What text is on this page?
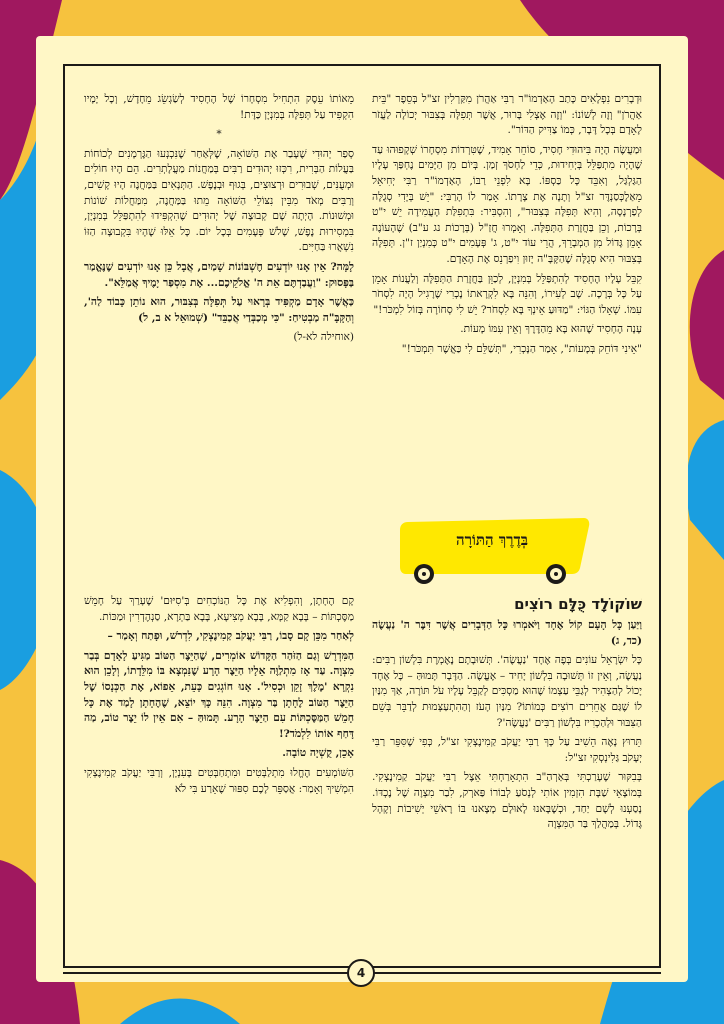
וּדְבָרִים נִפְלָאִים כָּתַב הָאַדְמוֹ"ר רַבִּי אַהֲרֹן מִקַּרְלִין זצ"ל בְּסֵפֶר "בֵּית אַהֲרֹן" וְזֶה לְשׁוֹנוֹ: "וְזֶה אֶצְלִי בָּרוּר, אֲשֶׁר תְּפִלָּה בְּצִבּוּר יְכוֹלָה לַעֲזֹר לָאָדָם בְּכָל דָּבָר, כְּמוֹ צַדִּיק הַדּוֹר".

וּמַעֲשֶׂה הָיָה בִּיהוּדִי חָסִיד, סוֹחֵר אָמִיד, שֶׁטִּרְדוֹת מִסְחָרוֹ שְׁקָפוּהוּ עַד שֶׁהָיָה מִתְפַּלֵּל בְּיְחִידוּת, כְּדֵי לַחְסֹךְ זְמַן. בְּיוֹם מִן הַיָּמִים נֶחְפַּךְ עָלָיו הַגַּלְגַּל, וְאִבֵּד כָּל כַּסְפּוֹ. בָּא לִפְנֵי רַבּוֹ, הָאַדְמוֹ"ר רַבִּי יְחִיאֵל מֵאַלֶכְּסַנְדֶּר זצ"ל וְתָנָה אֶת צָרָתוֹ. אָמַר לוֹ הָרַבִּי: "יֵשׁ בְּיָדִי סְגֻלָּה לְפַרְנָסָה, וְהִיא תְּפִלָּה בְּצִבּוּר", וְהִסְבִּיר: בִּתְפִלַּת הָעֲמִידָה יֵשׁ י"ט בְּרָכוֹת, וְכֵן בַּחֲזָרַת הַתְּפִלָּה. וְאָמְרוּ חֲזַ"ל (בְּרָכוֹת נג ע"ב) שֶׁהָעוֹנֶה אָמֵן גָּדוֹל מִן הַמְבָרֵךְ, הֲרֵי עוֹד י"ט, ג' פְּעָמִים י"ט כְּמִנְיַן ז"ן. תְּפִלָּה בְּצִבּוּר הִיא סְגֻלָּה שֶׁהַקָּבָּ"ה יָזוּן וִיפַרְנֵס אֶת הָאָדָם.

קִבֵּל עָלָיו הֶחָסִיד לְהִתְפַּלֵּל בְּמִנְיָן, לְכַוֵּן בַּחֲזָרַת הַתְּפִלָּה וְלַעֲנוֹת אָמֵן עַל כָּל בְּרָכָה. שָׁב לְעִירוֹ, וְהִנֵּה בָּא לִקְרָאתוֹ נָכְרִי שֶׁרָגִיל הָיָה לִסְחֹר עִמּוֹ. שְׁאָלוֹ הַגּוֹי: "מַדּוּעַ אֵינְךָ בָּא לִסְחֹר? יֵשׁ לִי סְחוֹרָה בְּזוֹל לִמְכֹּר!"

עָנָה הֶחָסִיד שֶׁהוּא בָּא מֵהַדֶּרֶךְ וְאֵין עִמּוֹ מָעוֹת.

"אֵינִי דּוֹחֵק בְּמָעוֹת", אָמַר הַנָּכְרִי, "תְּשַׁלֵּם לִי כַּאֲשֶׁר תִּמְכֹּר!"

מֵאוֹתוֹ עֵסֶק הִתְחִיל מִסְחָרוֹ שֶׁל הֶחָסִיד לְשַׂגְשֵׂג מֵחָדָשׁ, וְכָל יָמָיו הִקְפִּיד עַל תְּפִלָּה בְּמִנְיָן כַּדָּת!

*

סְפַר יְהוּדִי שֶׁעָבַר אֶת הַשּׁוֹאָה, שֶׁלְּאַחַר שֶׁנִּכְנְעוּ הַגֶּרְמָנִים לְכוֹחוֹת בַּעֲלוֹת הַבְּרִית, רִכְּזוּ יְהוּדִים רַבִּים בְּמַחֲנוֹת מַעֲלָתְרִים. הֵם הָיוּ חוֹלִים וּמְעֻנִּים, שְׁבוּרִים וּרְצוּצִים, בְּגוּף וּבְנֶפֶשׁ. הַתְּנָאִים בַּמַּחֲנֶה הָיוּ קָשִׁים, וְרַבִּים מְאֹד מִבֵּין נִצּוֹלֵי הַשּׁוֹאָה מֵתוּ בַּמַּחֲנֶה, מִמַּחֲלוֹת שׁוֹנוֹת וּמְשׁוּנוֹת. הָיְתָה שָׁם קְבוּצָה שֶׁל יְהוּדִים שֶׁהִקְפִּידוּ לְהִתְפַּלֵּל בְּמִנְיָן, בִּמְסִירוּת נֶפֶשׁ, שָׁלֹשׁ פְּעָמִים בְּכָל יוֹם. כָּל אֵלּוּ שֶׁהָיוּ בִּקְבוּצָה הַזּוֹ נִשְׁאֲרוּ בַּחַיִּים.

לָמָּה? אֵין אָנוּ יוֹדְעִים חֶשְׁבּוֹנוֹת שָׁמַיִם, אֲבָל כֵּן אָנוּ יוֹדְעִים שֶׁנֶּאֱמַר בַּפָּסוּק: "וַעֲבַדְתֶּם אֵת ה' אֱלֹקֵיכֶם... אֶת מִסְפַּר יָמֶיךָ אֲמַלֵּא".

כַּאֲשֶׁר אָדָם מַקְפִּיד בְּרָאוּי עַל תְּפִלָּה בְּצִבּוּר, הוּא נוֹתֵן כָּבוֹד לַה', וְהַקָּבָּ"ה מַבְטִיחַ: "כִּי מְכַבְּדַי אֲכַבֵּד" (שְׁמוּאֵל א ב, ל)

(אוחילה לא-ל)

בְּדֶרֶךְ הַתּוֹרָה

שׁוֹקוֹלָד כֻּלָּם רוֹצִים

וַיַּעַן כָּל הָעָם קוֹל אֶחָד וַיֹּאמְרוּ כָּל הַדְּבָרִים אֲשֶׁר דִּבֶּר ה' נַעֲשֶׂה (כד, ג)

כָּל יִשְׂרָאֵל עוֹנִים בְּפֶה אֶחָד 'נַעֲשֶׂה'. תְּשׁוּבָתָם נֶאֶמְרֶת בִּלְשׁוֹן רַבִּים: נַעֲשֶׂה, וְאֵין זוֹ תְּשׁוּבָה בִּלְשׁוֹן יָחִיד – אֶעֱשֶׂה. הַדָּבָר תָּמוּהַּ – כָּל אֶחָד יָכוֹל לְהַצְהִיר לְגַבֵּי עַצְמוֹ שֶׁהוּא מַסְכִּים לְקַבֵּל עָלָיו עֹל תּוֹרָה, אַךְ מִנַּיִן לוֹ שֶׁגַּם אֲחֵרִים רוֹצִים כְּמוֹתוֹ? מִנַּיִן הָעֹז וְהַהִתְעַצְּמוּת לְדַבֵּר בְּשֵׁם הַצִּבּוּר וּלְהַכְרִיז בִּלְשׁוֹן רַבִּים 'נַעֲשֶׂה'?

תֵּרוּץ נָאֶה הֵשִׁיב עַל כָּךְ רַבִּי יַעֲקֹב קַמִינֶצְקִי זצ"ל, כְּפִי שֶׁסִּפֵּר רַבִּי יְעָקֹב גַּלִינְסְקִי זצ"ל:

בְּבִקּוּר שֶׁעָרַכְתִּי בְּאַרְהַ"ב הִתְאָרַחְתִּי אֵצֶל רַבִּי יַעֲקֹב קַמִינֶצְקִי. בְּמוֹצָאֵי שַׁבָּת הִזְמִין אוֹתִי לְנְסֹעַ לְבוֹרוֹ פַּארְק, לִבַר מִצְוָה שֶׁל נֶכְדּוֹ. נָסַעְנוּ לְשָׁם יַחַד, וּכְשֶׁבָּאנוּ לָאוּלָם מָצָאנוּ בּוֹ רָאשֵׁי יְשִׁיבוֹת וְקָהָל גָּדוֹל. בְּמַהֲלַךְ בַּר הַמִּצְוָה

קָם הֶחָתָן, וְהִפְלִיא אֶת כָּל הַנּוֹכְחִים בְּ'סִיּוּם' שֶׁעָרַךְ עַל חָמֵשׁ מַסֶּכְתּוֹת – בָּבָא קַמָּא, בָּבָא מְצִיעָא, בָּבָא בַּתְרָא, סַנְהֶדְרִין וּמַכּוֹת.

לְאַחַר מִכֵּן קָם סָבוֹ, רַבִּי יַעֲקֹב קַמִינֶצְקִי, לִדְרֹשׁ, וּפָתַח וְאָמַר –

הַמִּדְרָשׁ וְגַם הַזֹּהַר הַקָּדוֹשׁ אוֹמְרִים, שֶׁהַיֵּצֶר הַטּוֹב מַגִּיעַ לָאָדָם בְּבַר מִצְוָה. עַד אָז מִתְלַוֶּה אֵלָיו הַיֵּצֶר הָרָע שֶׁנִּמְצָא בּוֹ מִלֵּדָתוֹ, וְלָכֵן הוּא נִקְרָא 'מֶלֶךְ זָקֵן וּכְסִיל'. אָנוּ חוֹגְגִים כָּעֵת, אֵפוֹא, אֶת הַכְּנָסוֹ שֶׁל הַיֵּצֶר הַטּוֹב לֶחָתָן בַּר מִצְוָה. הִנֵּה כָּךְ יוֹצֵא, שֶׁהֶחָתָן לָמַד אֶת כָּל חָמֵשׁ הַמַּסֶּכְתּוֹת עִם הַיֵּצֶר הָרָע. תָּמוּהַּ – אִם אֵין לוֹ יֵצֶר טוֹב, מַה דָּחַף אוֹתוֹ לִלְמֹד?!

אָכֵן, קֻשְׁיָה טוֹבָה.

הַשּׁוֹמְעִים הֶחֱלוּ מִתְלַבְּטִים וּמִתְחַבְּטִים בָּעִנְיָן, וְרַבִּי יַעֲקֹב קַמִינֶצְקִי הִמְשִׁיךְ וְאָמַר: אֲסַפֵּר לָכֶם סִפּוּר שֶׁאֵרַע בִּי לֹא

4
